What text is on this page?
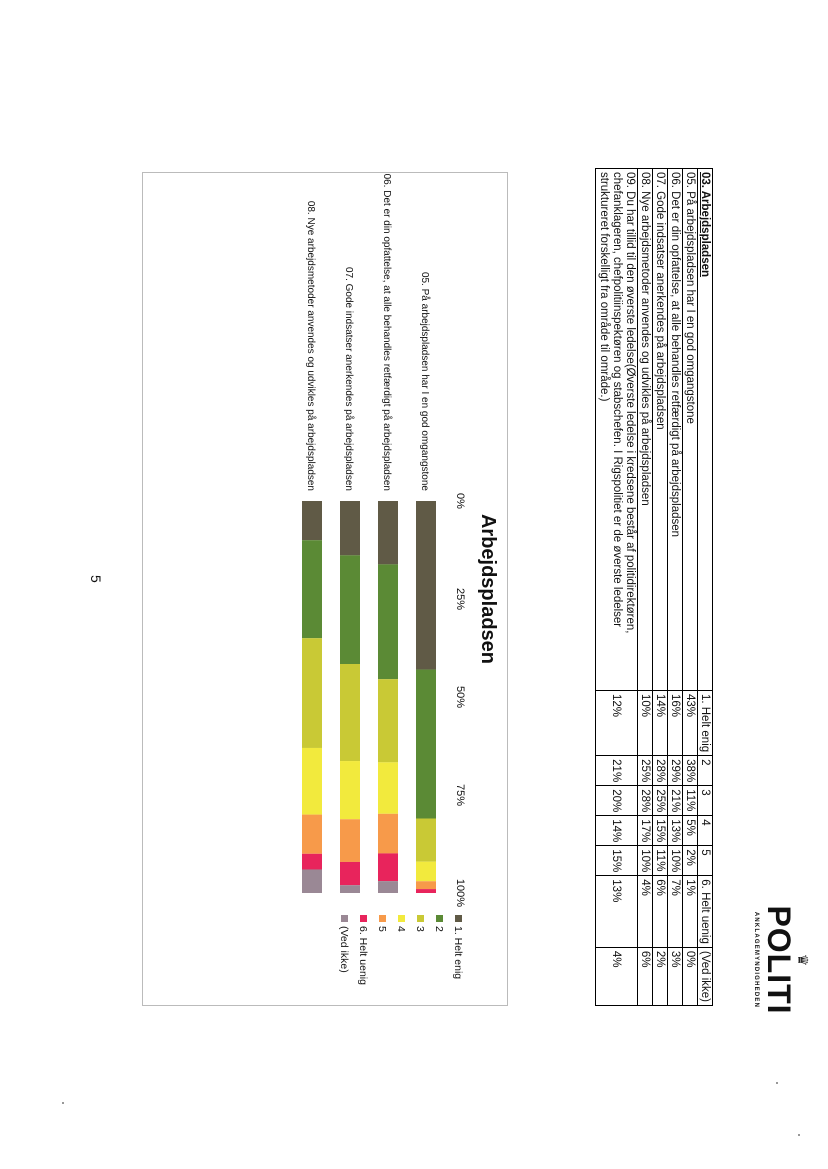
♛
POLITI
ANKLAGEMYNDIGHEDEN
03. Arbejdspladsen	1. Helt enig	2	3	4	5	6. Helt uenig	(Ved ikke)
05. På arbejdspladsen har I en god omgangstone	43%	38%	11%	5%	2%	1%	0%
06. Det er din opfattelse, at alle behandles retfærdigt på arbejdspladsen	16%	29%	21%	13%	10%	7%	3%
07. Gode indsatser anerkendes på arbejdspladsen	14%	28%	25%	15%	11%	6%	2%
08. Nye arbejdsmetoder anvendes og udvikles på arbejdspladsen	10%	25%	28%	17%	10%	4%	6%
09. Du har tillid til den øverste ledelse(Øverste ledelse i kredsene består af politidirektøren, chefanklageren, chefpolitiinspektøren og stabschefen. I Rigspolitiet er de øverste ledelser struktureret forskelligt fra område til område.)	12%	21%	20%	14%	15%	13%	4%
Arbejdspladsen
0%
25%
50%
75%
100%
05. På arbejdspladsen har I en god omgangstone
06. Det er din opfattelse, at alle behandles retfærdigt på arbejdspladsen
07. Gode indsatser anerkendes på arbejdspladsen
08. Nye arbejdsmetoder anvendes og udvikles på arbejdspladsen
1. Helt enig
2
3
4
5
6. Helt uenig
(Ved ikke)
5
